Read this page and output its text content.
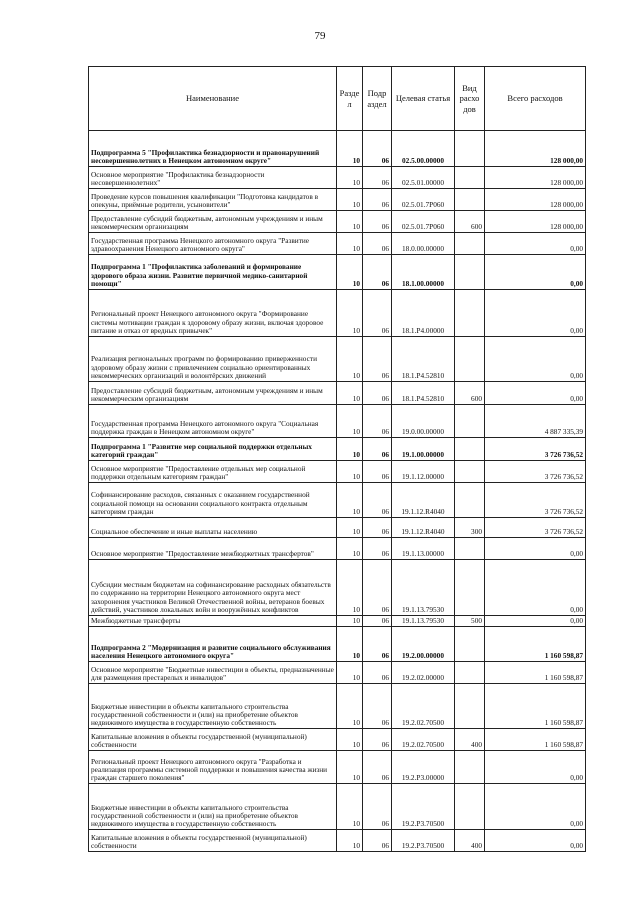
79
Наименование	Разде л	Подр аздел	Целевая статья	Вид расхо дов	Всего расходов
Подпрограмма 5 "Профилактика безнадзорности и правонарушений несовершеннолетних в Ненецком автономном округе"	10	06	02.5.00.00000		128 000,00
Основное мероприятие "Профилактика безнадзорности несовершеннолетних"	10	06	02.5.01.00000		128 000,00
Проведение курсов повышения квалификации "Подготовка кандидатов в опекуны, приёмные родители, усыновители"	10	06	02.5.01.7Р060		128 000,00
Предоставление субсидий бюджетным, автономным учреждениям и иным некоммерческим организациям	10	06	02.5.01.7Р060	600	128 000,00
Государственная программа Ненецкого автономного округа "Развитие здравоохранения Ненецкого автономного округа"	10	06	18.0.00.00000		0,00
Подпрограмма 1 "Профилактика заболеваний и формирование здорового образа жизни. Развитие первичной медико-санитарной помощи"	10	06	18.1.00.00000		0,00
Региональный проект Ненецкого автономного округа "Формирование системы мотивации граждан к здоровому образу жизни, включая здоровое питание и отказ от вредных привычек"	10	06	18.1.Р4.00000		0,00
Реализация региональных программ по формированию приверженности здоровому образу жизни с привлечением социально ориентированных некоммерческих организаций и волонтёрских движений	10	06	18.1.Р4.52810		0,00
Предоставление субсидий бюджетным, автономным учреждениям и иным некоммерческим организациям	10	06	18.1.Р4.52810	600	0,00
Государственная программа Ненецкого автономного округа "Социальная поддержка граждан в Ненецком автономном округе"	10	06	19.0.00.00000		4 887 335,39
Подпрограмма 1 "Развитие мер социальной поддержки отдельных категорий граждан"	10	06	19.1.00.00000		3 726 736,52
Основное мероприятие "Предоставление отдельных мер социальной поддержки отдельным категориям граждан"	10	06	19.1.12.00000		3 726 736,52
Софинансирование расходов, связанных с оказанием государственной социальной помощи на основании социального контракта отдельным категориям граждан	10	06	19.1.12.R4040		3 726 736,52
Социальное обеспечение и иные выплаты населению	10	06	19.1.12.R4040	300	3 726 736,52
Основное мероприятие "Предоставление межбюджетных трансфертов"	10	06	19.1.13.00000		0,00
Субсидии местным бюджетам на софинансирование расходных обязательств по содержанию на территории Ненецкого автономного округа мест захоронения участников Великой Отечественной войны, ветеранов боевых действий, участников локальных войн и вооружённых конфликтов	10	06	19.1.13.79530		0,00
Межбюджетные трансферты	10	06	19.1.13.79530	500	0,00
Подпрограмма 2 "Модернизация и развитие социального обслуживания населения Ненецкого автономного округа"	10	06	19.2.00.00000		1 160 598,87
Основное мероприятие "Бюджетные инвестиции в объекты, предназначенные для размещения престарелых и инвалидов"	10	06	19.2.02.00000		1 160 598,87
Бюджетные инвестиции в объекты капитального строительства государственной собственности и (или) на приобретение объектов недвижимого имущества в государственную собственность	10	06	19.2.02.70500		1 160 598,87
Капитальные вложения в объекты государственной (муниципальной) собственности	10	06	19.2.02.70500	400	1 160 598,87
Региональный проект Ненецкого автономного округа "Разработка и реализация программы системной поддержки и повышения качества жизни граждан старшего поколения"	10	06	19.2.Р3.00000		0,00
Бюджетные инвестиции в объекты капитального строительства государственной собственности и (или) на приобретение объектов недвижимого имущества в государственную собственность	10	06	19.2.Р3.70500		0,00
Капитальные вложения в объекты государственной (муниципальной) собственности	10	06	19.2.Р3.70500	400	0,00
